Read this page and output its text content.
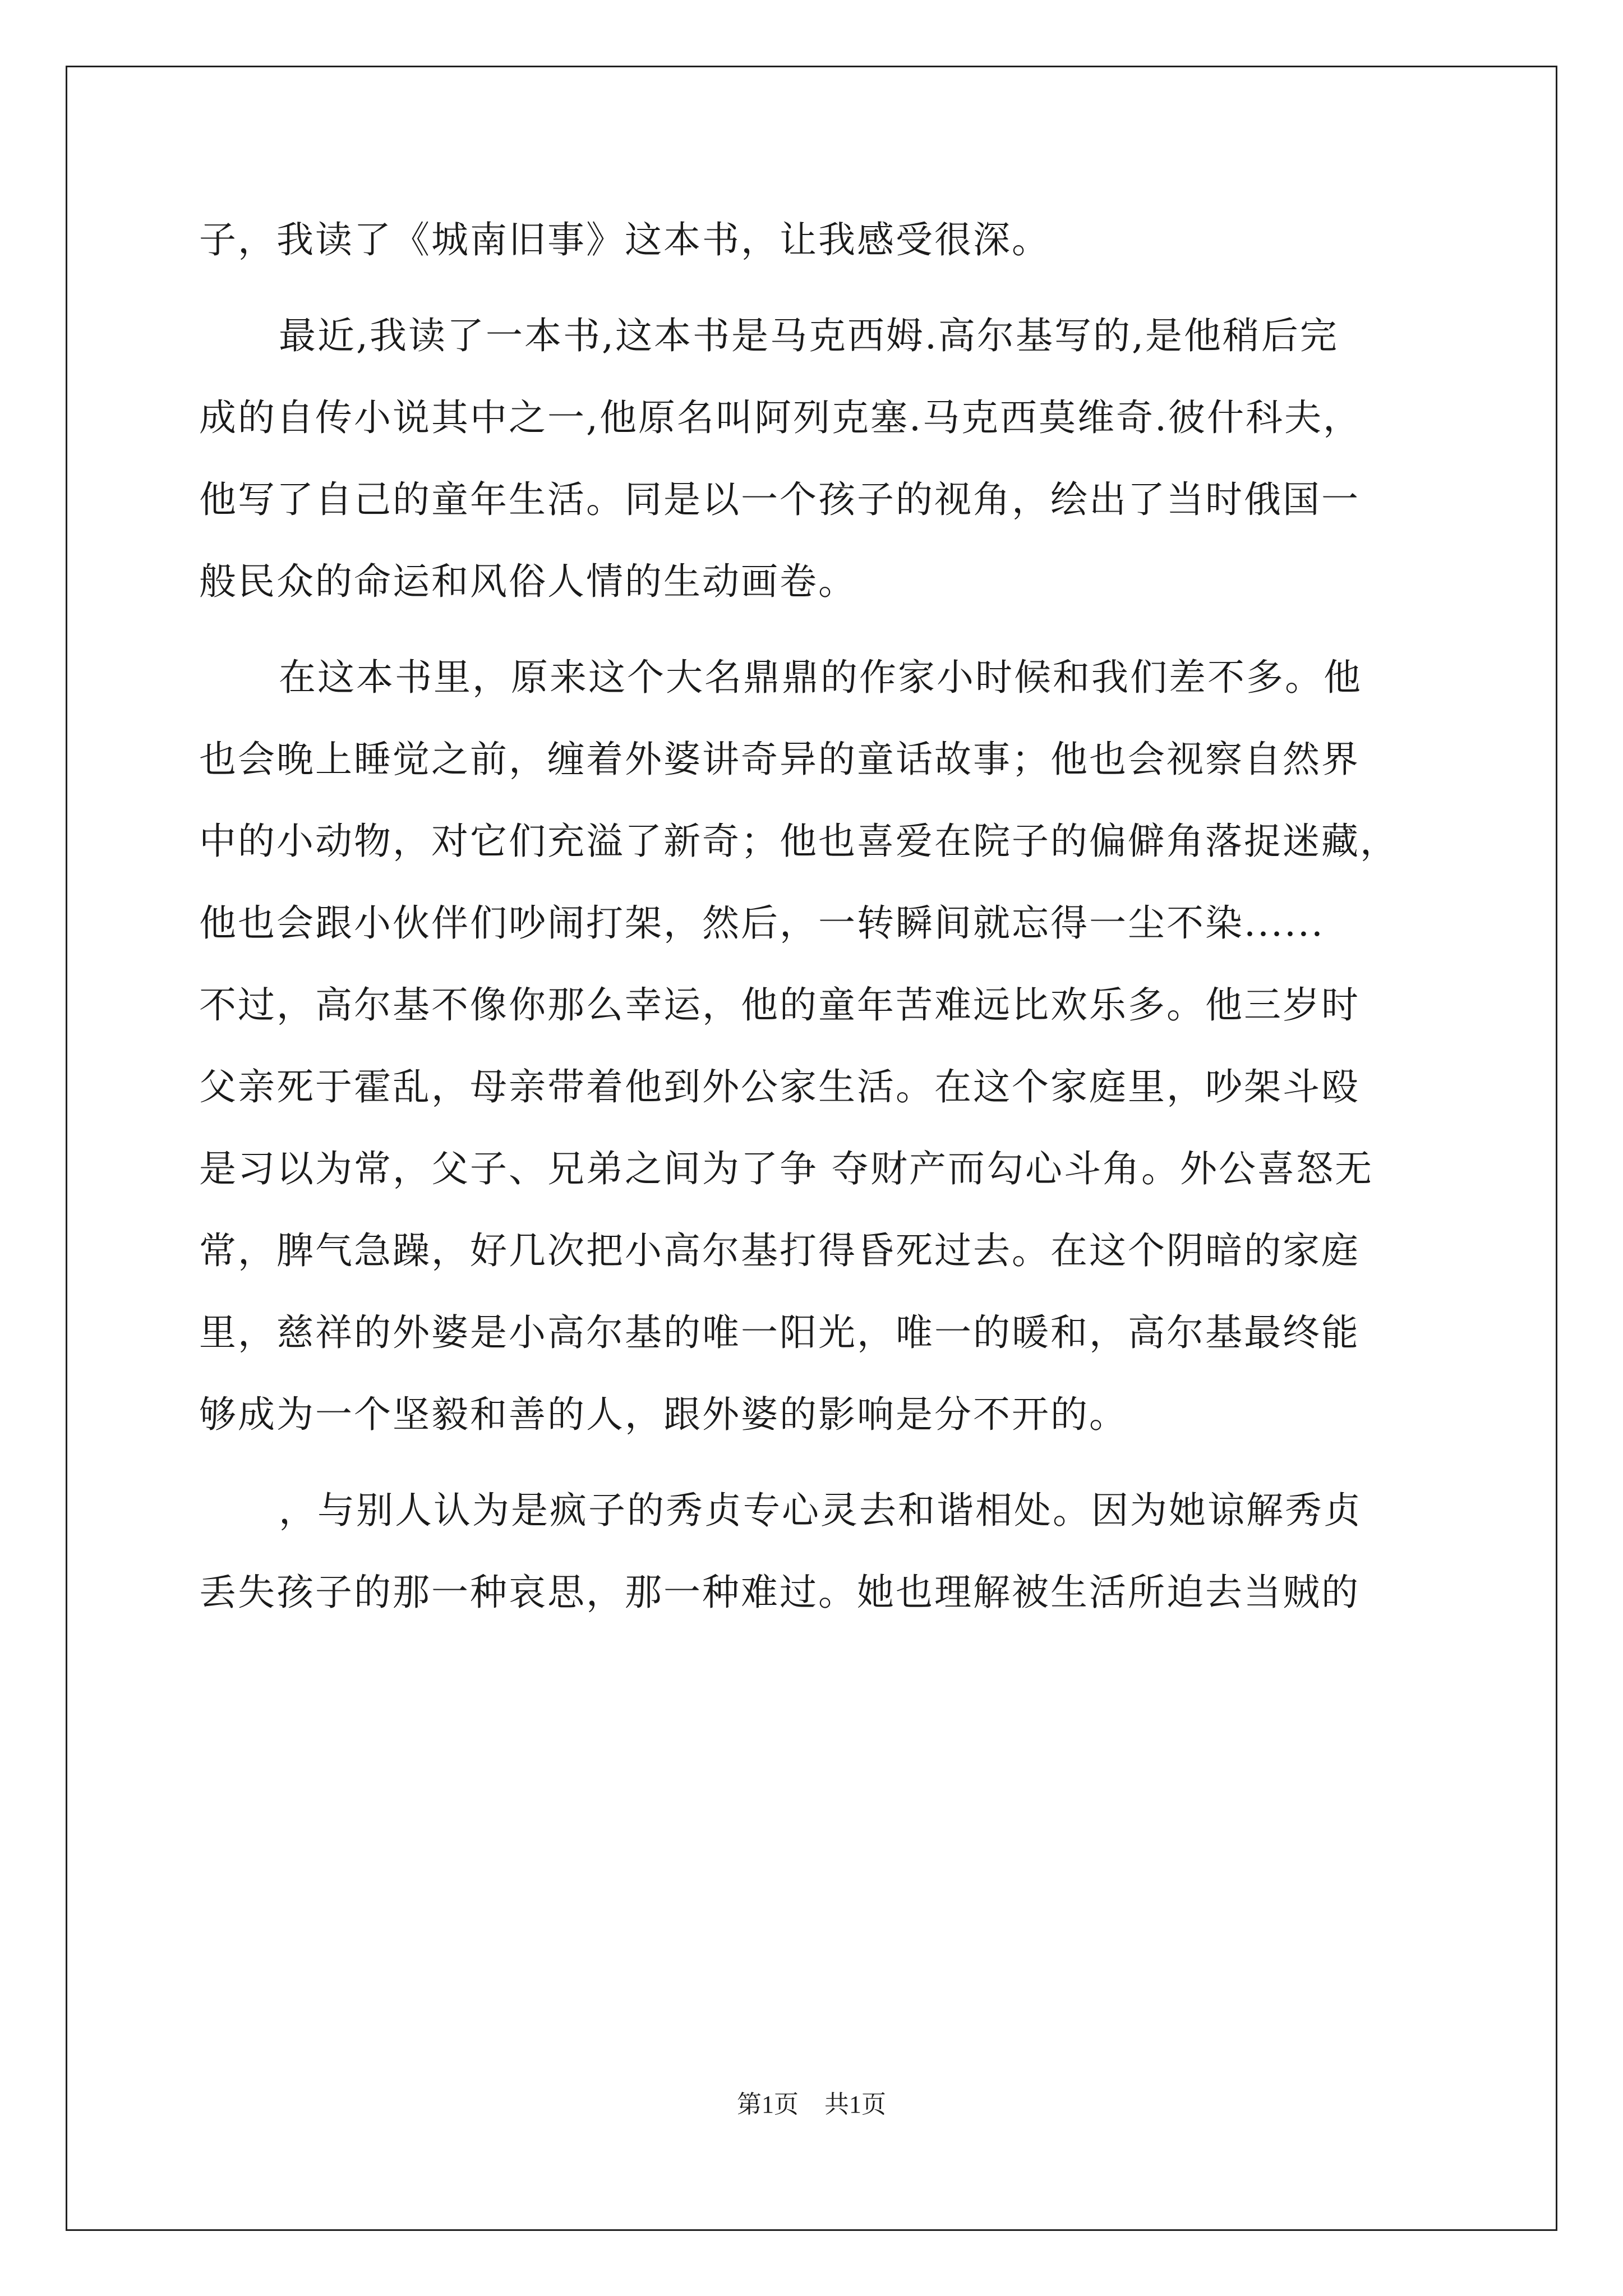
子，我读了《城南旧事》这本书，让我感受很深。
最近,我读了一本书,这本书是马克西姆.高尔基写的,是他稍后完
成的自传小说其中之一,他原名叫阿列克塞.马克西莫维奇.彼什科夫，
他写了自己的童年生活。同是以一个孩子的视角，绘出了当时俄国一
般民众的命运和风俗人情的生动画卷。
在这本书里，原来这个大名鼎鼎的作家小时候和我们差不多。他
也会晚上睡觉之前，缠着外婆讲奇异的童话故事；他也会视察自然界
中的小动物，对它们充溢了新奇；他也喜爱在院子的偏僻角落捉迷藏，
他也会跟小伙伴们吵闹打架，然后，一转瞬间就忘得一尘不染......
不过，高尔基不像你那么幸运，他的童年苦难远比欢乐多。他三岁时
父亲死于霍乱，母亲带着他到外公家生活。在这个家庭里，吵架斗殴
是习以为常，父子、兄弟之间为了争 夺财产而勾心斗角。外公喜怒无
常，脾气急躁，好几次把小高尔基打得昏死过去。在这个阴暗的家庭
里，慈祥的外婆是小高尔基的唯一阳光，唯一的暖和，高尔基最终能
够成为一个坚毅和善的人，跟外婆的影响是分不开的。
，与别人认为是疯子的秀贞专心灵去和谐相处。因为她谅解秀贞
丢失孩子的那一种哀思，那一种难过。她也理解被生活所迫去当贼的
第1页 共1页
